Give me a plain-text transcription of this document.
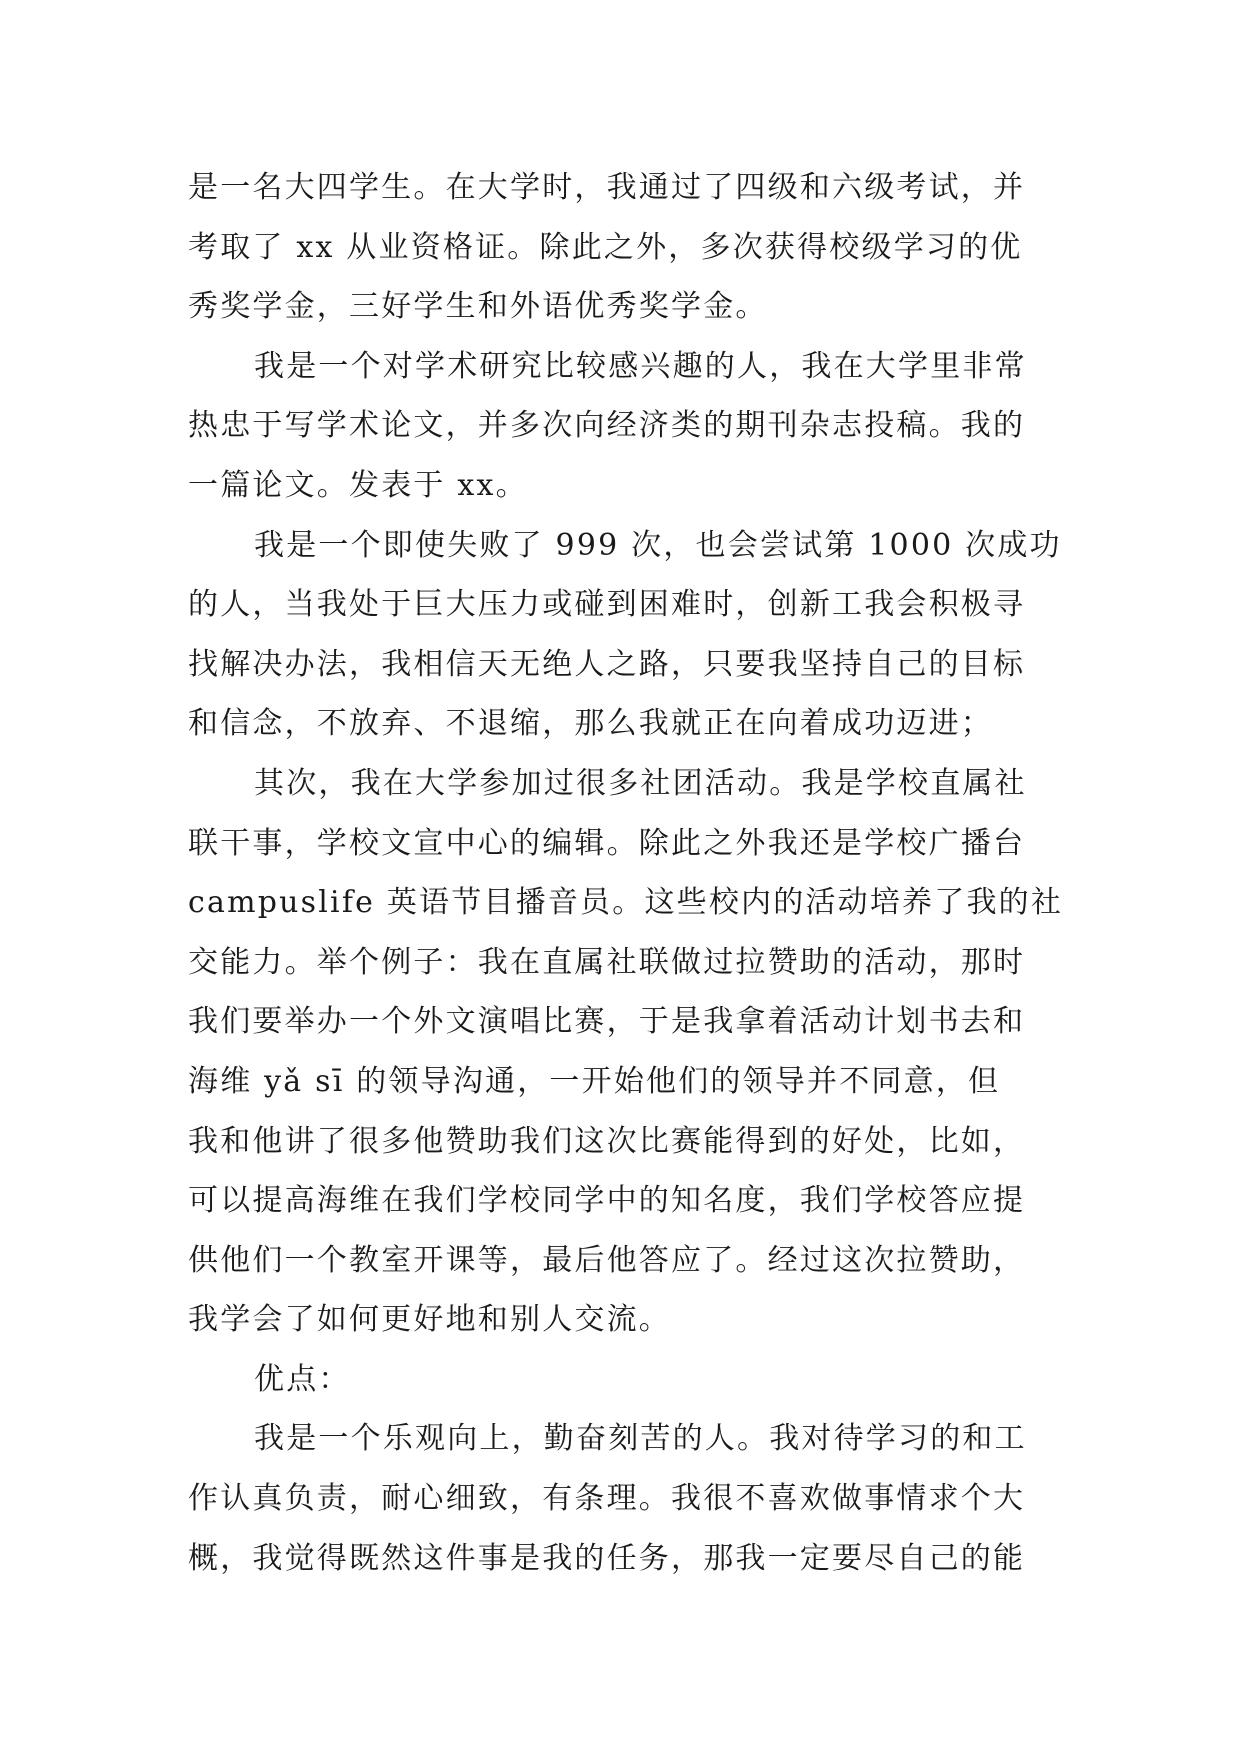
是一名大四学生。在大学时，我通过了四级和六级考试，并
考取了 xx 从业资格证。除此之外，多次获得校级学习的优
秀奖学金，三好学生和外语优秀奖学金。
我是一个对学术研究比较感兴趣的人，我在大学里非常
热忠于写学术论文，并多次向经济类的期刊杂志投稿。我的
一篇论文。发表于 xx。
我是一个即使失败了 999 次，也会尝试第 1000 次成功
的人，当我处于巨大压力或碰到困难时，创新工我会积极寻
找解决办法，我相信天无绝人之路，只要我坚持自己的目标
和信念，不放弃、不退缩，那么我就正在向着成功迈进；
其次，我在大学参加过很多社团活动。我是学校直属社
联干事，学校文宣中心的编辑。除此之外我还是学校广播台
campuslife 英语节目播音员。这些校内的活动培养了我的社
交能力。举个例子：我在直属社联做过拉赞助的活动，那时
我们要举办一个外文演唱比赛，于是我拿着活动计划书去和
海维 yǎ sī 的领导沟通，一开始他们的领导并不同意，但
我和他讲了很多他赞助我们这次比赛能得到的好处，比如，
可以提高海维在我们学校同学中的知名度，我们学校答应提
供他们一个教室开课等，最后他答应了。经过这次拉赞助，
我学会了如何更好地和别人交流。
优点：
我是一个乐观向上，勤奋刻苦的人。我对待学习的和工
作认真负责，耐心细致，有条理。我很不喜欢做事情求个大
概，我觉得既然这件事是我的任务，那我一定要尽自己的能
